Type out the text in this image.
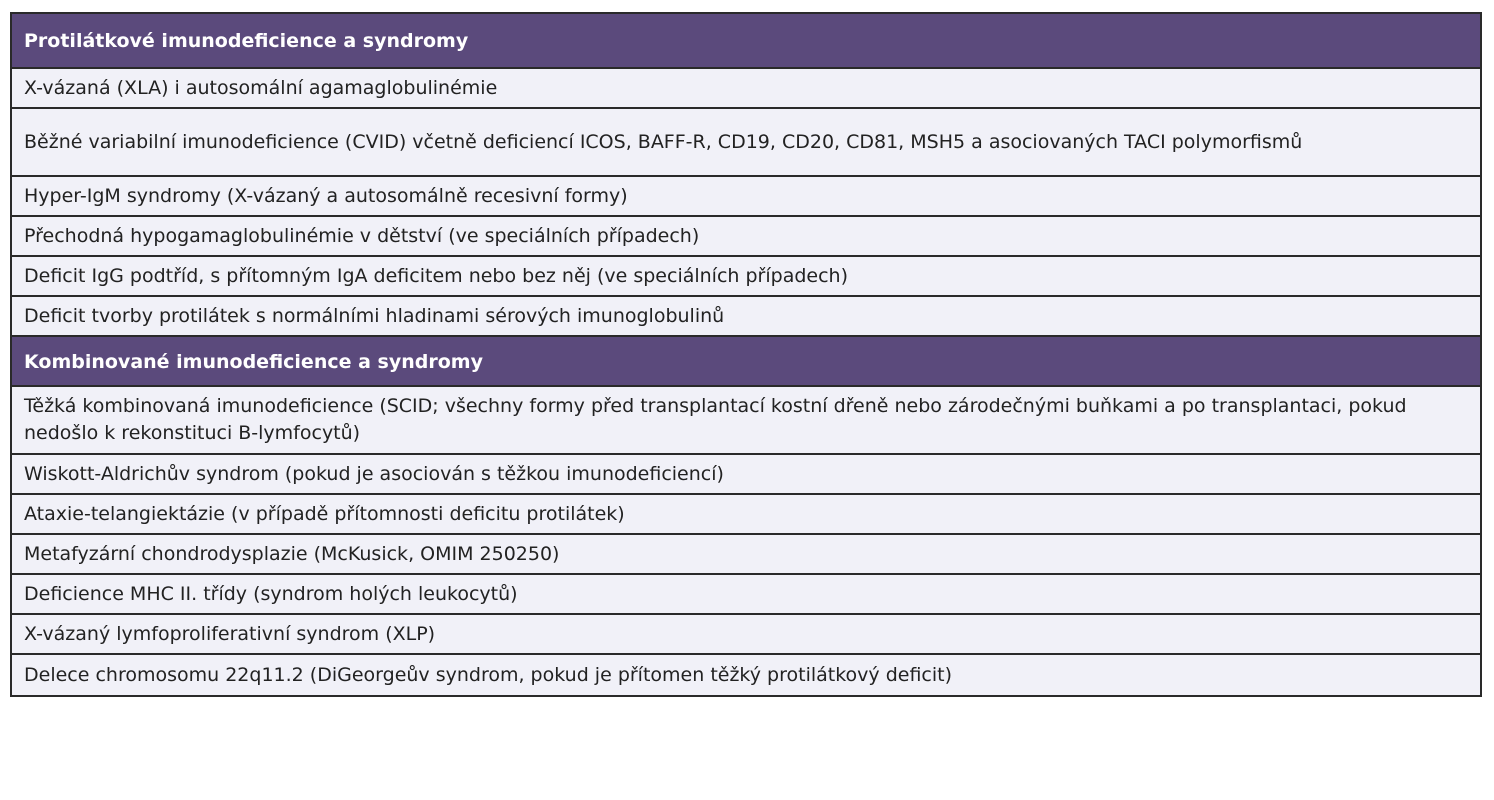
Protilátkové imunodeficience a syndromy
X-vázaná (XLA) i autosomální agamaglobulinémie
Běžné variabilní imunodeficience (CVID) včetně deficiencí ICOS, BAFF-R, CD19, CD20, CD81, MSH5 a asociovaných TACI polymorfismů
Hyper-IgM syndromy (X-vázaný a autosomálně recesivní formy)
Přechodná hypogamaglobulinémie v dětství (ve speciálních případech)
Deficit IgG podtříd, s přítomným IgA deficitem nebo bez něj (ve speciálních případech)
Deficit tvorby protilátek s normálními hladinami sérových imunoglobulinů
Kombinované imunodeficience a syndromy
Těžká kombinovaná imunodeficience (SCID; všechny formy před transplantací kostní dřeně nebo zárodečnými buňkami a po transplantaci, pokud nedošlo k rekonstituci B-lymfocytů)
Wiskott-Aldrichův syndrom (pokud je asociován s těžkou imunodeficiencí)
Ataxie-telangiektázie (v případě přítomnosti deficitu protilátek)
Metafyzární chondrodysplazie (McKusick, OMIM 250250)
Deficience MHC II. třídy (syndrom holých leukocytů)
X-vázaný lymfoproliferativní syndrom (XLP)
Delece chromosomu 22q11.2 (DiGeorgeův syndrom, pokud je přítomen těžký protilátkový deficit)
